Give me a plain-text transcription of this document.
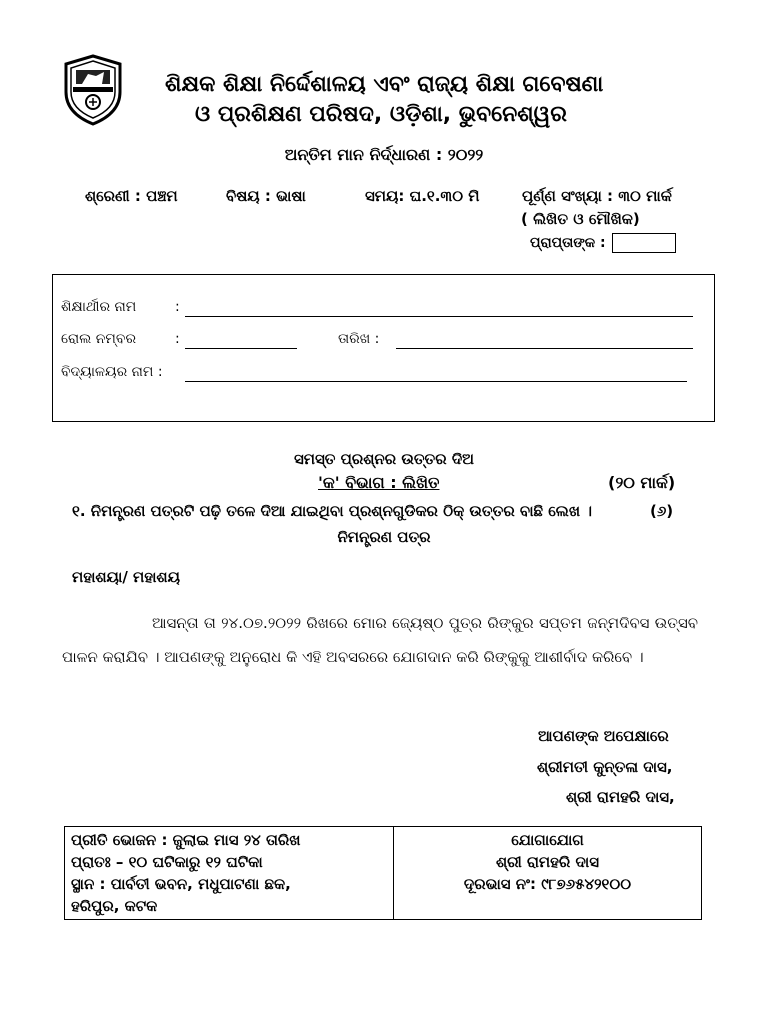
ଶିକ୍ଷକ ଶିକ୍ଷା ନିର୍ଦ୍ଦେଶାଳୟ ଏବଂ ରାଜ୍ୟ ଶିକ୍ଷା ଗବେଷଣା
ଓ ପ୍ରଶିକ୍ଷଣ ପରିଷଦ, ଓଡ଼ିଶା, ଭୁବନେଶ୍ୱର
ଅନ୍ତିମ ମାନ ନିର୍ଦ୍ଧାରଣ : ୨୦୨୨
ଶ୍ରେଣୀ : ପଞ୍ଚମ	ବିଷୟ : ଭାଷା	ସମୟ: ଘ.୧.୩୦ ମି	ପୂର୍ଣ୍ଣ ସଂଖ୍ୟା : ୩୦ ମାର୍କ
( ଲିଖିତ ଓ ମୌଖିକ)
ପ୍ରାପ୍ତାଙ୍କ :
ଶିକ୍ଷାର୍ଥୀର ନାମ	:
ରୋଲ ନମ୍ବର	:	ତାରିଖ :
ବିଦ୍ୟାଳୟର ନାମ :
ସମସ୍ତ ପ୍ରଶ୍ନର ଉତ୍ତର ଦିଅ
'କ' ବିଭାଗ : ଲିଖିତ	(୨୦ ମାର୍କ)
୧. ନିମନ୍ତ୍ରଣ ପତ୍ରଟି ପଢ଼ି ତଳେ ଦିଆ ଯାଇଥିବା ପ୍ରଶ୍ନଗୁଡିକର ଠିକ୍ ଉତ୍ତର ବାଛି ଲେଖ ।	(୬)
ନିମନ୍ତ୍ରଣ ପତ୍ର
ମହାଶୟା/ ମହାଶୟ
ଆସନ୍ତା ତା ୨୪.୦୭.୨୦୨୨ ରିଖରେ ମୋର ଜ୍ୟେଷ୍ଠ ପୁତ୍ର ରିଙ୍କୁର ସପ୍ତମ ଜନ୍ମଦିବସ ଉତ୍ସବ ପାଳନ କରାଯିବ । ଆପଣଙ୍କୁ ଅନୁରୋଧ କି ଏହି ଅବସରରେ ଯୋଗଦାନ କରି ରିଙ୍କୁକୁ ଆଶୀର୍ବାଦ କରିବେ ।
ଆପଣଙ୍କ ଅପେକ୍ଷାରେ
ଶ୍ରୀମତୀ କୁନ୍ତଳା ଦାସ,
ଶ୍ରୀ ରାମହରି ଦାସ,
ପ୍ରୀତି ଭୋଜନ : ଜୁଲାଇ ମାସ ୨୪ ତାରିଖ
ପ୍ରାତଃ – ୧୦ ଘଟିକାରୁ ୧୨ ଘଟିକା
ସ୍ଥାନ : ପାର୍ବତୀ ଭବନ, ମଧୁପାଟଣା ଛକ,
ହରିପୁର, କଟକ

ଯୋଗାଯୋଗ
ଶ୍ରୀ ରାମହରି ଦାସ
ଦୂରଭାସ ନଂ: ୯୮୭୬୫୪୨୧୦୦
